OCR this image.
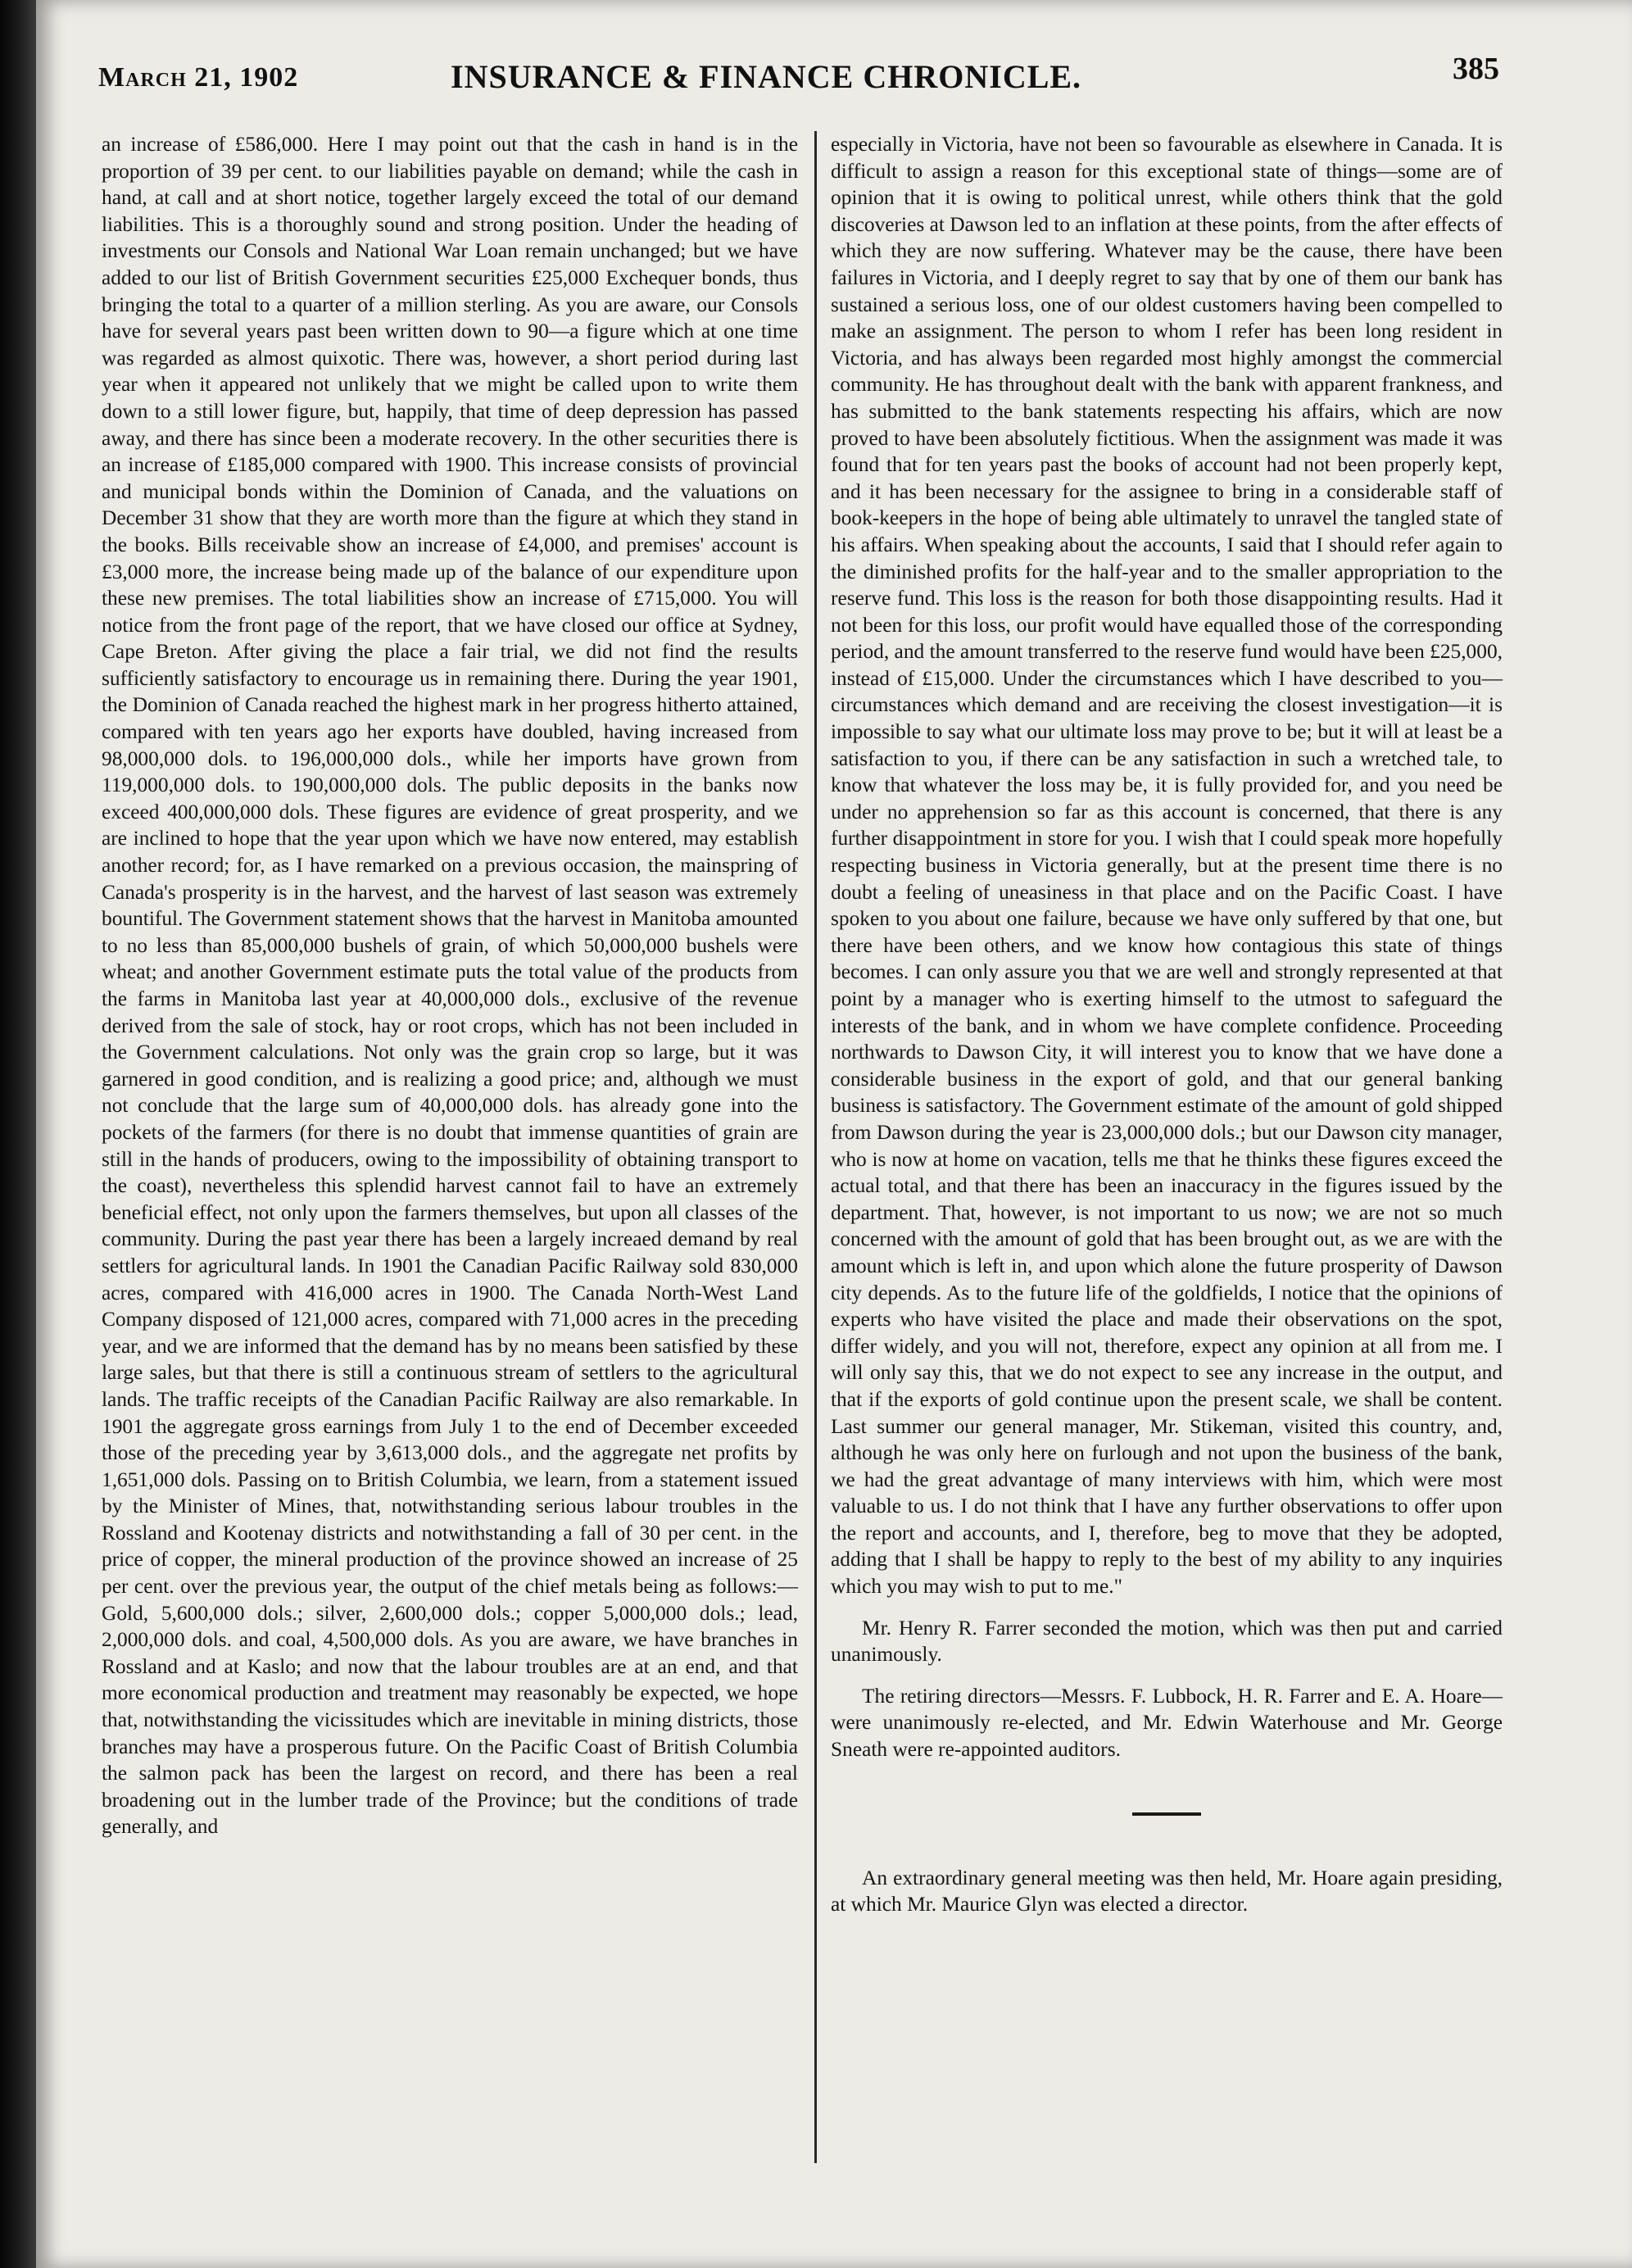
March 21, 1902	INSURANCE & FINANCE CHRONICLE.	385

an increase of £586,000. Here I may point out that the cash in hand is in the proportion of 39 per cent. to our liabilities payable on demand; while the cash in hand, at call and at short notice, together largely exceed the total of our demand liabilities. This is a thoroughly sound and strong position. Under the heading of investments our Consols and National War Loan remain unchanged; but we have added to our list of British Government securities £25,000 Exchequer bonds, thus bringing the total to a quarter of a million sterling. As you are aware, our Consols have for several years past been written down to 90—a figure which at one time was regarded as almost quixotic. There was, however, a short period during last year when it appeared not unlikely that we might be called upon to write them down to a still lower figure, but, happily, that time of deep depression has passed away, and there has since been a moderate recovery. In the other securities there is an increase of £185,000 compared with 1900. This increase consists of provincial and municipal bonds within the Dominion of Canada, and the valuations on December 31 show that they are worth more than the figure at which they stand in the books. Bills receivable show an increase of £4,000, and premises' account is £3,000 more, the increase being made up of the balance of our expenditure upon these new premises. The total liabilities show an increase of £715,000. You will notice from the front page of the report, that we have closed our office at Sydney, Cape Breton. After giving the place a fair trial, we did not find the results sufficiently satisfactory to encourage us in remaining there. During the year 1901, the Dominion of Canada reached the highest mark in her progress hitherto attained, compared with ten years ago her exports have doubled, having increased from 98,000,000 dols. to 196,000,000 dols., while her imports have grown from 119,000,000 dols. to 190,000,000 dols. The public deposits in the banks now exceed 400,000,000 dols. These figures are evidence of great prosperity, and we are inclined to hope that the year upon which we have now entered, may establish another record; for, as I have remarked on a previous occasion, the mainspring of Canada's prosperity is in the harvest, and the harvest of last season was extremely bountiful. The Government statement shows that the harvest in Manitoba amounted to no less than 85,000,000 bushels of grain, of which 50,000,000 bushels were wheat; and another Government estimate puts the total value of the products from the farms in Manitoba last year at 40,000,000 dols., exclusive of the revenue derived from the sale of stock, hay or root crops, which has not been included in the Government calculations. Not only was the grain crop so large, but it was garnered in good condition, and is realizing a good price; and, although we must not conclude that the large sum of 40,000,000 dols. has already gone into the pockets of the farmers (for there is no doubt that immense quantities of grain are still in the hands of producers, owing to the impossibility of obtaining transport to the coast), nevertheless this splendid harvest cannot fail to have an extremely beneficial effect, not only upon the farmers themselves, but upon all classes of the community. During the past year there has been a largely increaed demand by real settlers for agricultural lands. In 1901 the Canadian Pacific Railway sold 830,000 acres, compared with 416,000 acres in 1900. The Canada North-West Land Company disposed of 121,000 acres, compared with 71,000 acres in the preceding year, and we are informed that the demand has by no means been satisfied by these large sales, but that there is still a continuous stream of settlers to the agricultural lands. The traffic receipts of the Canadian Pacific Railway are also remarkable. In 1901 the aggregate gross earnings from July 1 to the end of December exceeded those of the preceding year by 3,613,000 dols., and the aggregate net profits by 1,651,000 dols. Passing on to British Columbia, we learn, from a statement issued by the Minister of Mines, that, notwithstanding serious labour troubles in the Rossland and Kootenay districts and notwithstanding a fall of 30 per cent. in the price of copper, the mineral production of the province showed an increase of 25 per cent. over the previous year, the output of the chief metals being as follows:—Gold, 5,600,000 dols.; silver, 2,600,000 dols.; copper 5,000,000 dols.; lead, 2,000,000 dols. and coal, 4,500,000 dols. As you are aware, we have branches in Rossland and at Kaslo; and now that the labour troubles are at an end, and that more economical production and treatment may reasonably be expected, we hope that, notwithstanding the vicissitudes which are inevitable in mining districts, those branches may have a prosperous future. On the Pacific Coast of British Columbia the salmon pack has been the largest on record, and there has been a real broadening out in the lumber trade of the Province; but the conditions of trade generally, and

especially in Victoria, have not been so favourable as elsewhere in Canada. It is difficult to assign a reason for this exceptional state of things—some are of opinion that it is owing to political unrest, while others think that the gold discoveries at Dawson led to an inflation at these points, from the after effects of which they are now suffering. Whatever may be the cause, there have been failures in Victoria, and I deeply regret to say that by one of them our bank has sustained a serious loss, one of our oldest customers having been compelled to make an assignment. The person to whom I refer has been long resident in Victoria, and has always been regarded most highly amongst the commercial community. He has throughout dealt with the bank with apparent frankness, and has submitted to the bank statements respecting his affairs, which are now proved to have been absolutely fictitious. When the assignment was made it was found that for ten years past the books of account had not been properly kept, and it has been necessary for the assignee to bring in a considerable staff of book-keepers in the hope of being able ultimately to unravel the tangled state of his affairs. When speaking about the accounts, I said that I should refer again to the diminished profits for the half-year and to the smaller appropriation to the reserve fund. This loss is the reason for both those disappointing results. Had it not been for this loss, our profit would have equalled those of the corresponding period, and the amount transferred to the reserve fund would have been £25,000, instead of £15,000. Under the circumstances which I have described to you—circumstances which demand and are receiving the closest investigation—it is impossible to say what our ultimate loss may prove to be; but it will at least be a satisfaction to you, if there can be any satisfaction in such a wretched tale, to know that whatever the loss may be, it is fully provided for, and you need be under no apprehension so far as this account is concerned, that there is any further disappointment in store for you. I wish that I could speak more hopefully respecting business in Victoria generally, but at the present time there is no doubt a feeling of uneasiness in that place and on the Pacific Coast. I have spoken to you about one failure, because we have only suffered by that one, but there have been others, and we know how contagious this state of things becomes. I can only assure you that we are well and strongly represented at that point by a manager who is exerting himself to the utmost to safeguard the interests of the bank, and in whom we have complete confidence. Proceeding northwards to Dawson City, it will interest you to know that we have done a considerable business in the export of gold, and that our general banking business is satisfactory. The Government estimate of the amount of gold shipped from Dawson during the year is 23,000,000 dols.; but our Dawson city manager, who is now at home on vacation, tells me that he thinks these figures exceed the actual total, and that there has been an inaccuracy in the figures issued by the department. That, however, is not important to us now; we are not so much concerned with the amount of gold that has been brought out, as we are with the amount which is left in, and upon which alone the future prosperity of Dawson city depends. As to the future life of the goldfields, I notice that the opinions of experts who have visited the place and made their observations on the spot, differ widely, and you will not, therefore, expect any opinion at all from me. I will only say this, that we do not expect to see any increase in the output, and that if the exports of gold continue upon the present scale, we shall be content. Last summer our general manager, Mr. Stikeman, visited this country, and, although he was only here on furlough and not upon the business of the bank, we had the great advantage of many interviews with him, which were most valuable to us. I do not think that I have any further observations to offer upon the report and accounts, and I, therefore, beg to move that they be adopted, adding that I shall be happy to reply to the best of my ability to any inquiries which you may wish to put to me."

Mr. Henry R. Farrer seconded the motion, which was then put and carried unanimously.

The retiring directors—Messrs. F. Lubbock, H. R. Farrer and E. A. Hoare—were unanimously re-elected, and Mr. Edwin Waterhouse and Mr. George Sneath were re-appointed auditors.

An extraordinary general meeting was then held, Mr. Hoare again presiding, at which Mr. Maurice Glyn was elected a director.
